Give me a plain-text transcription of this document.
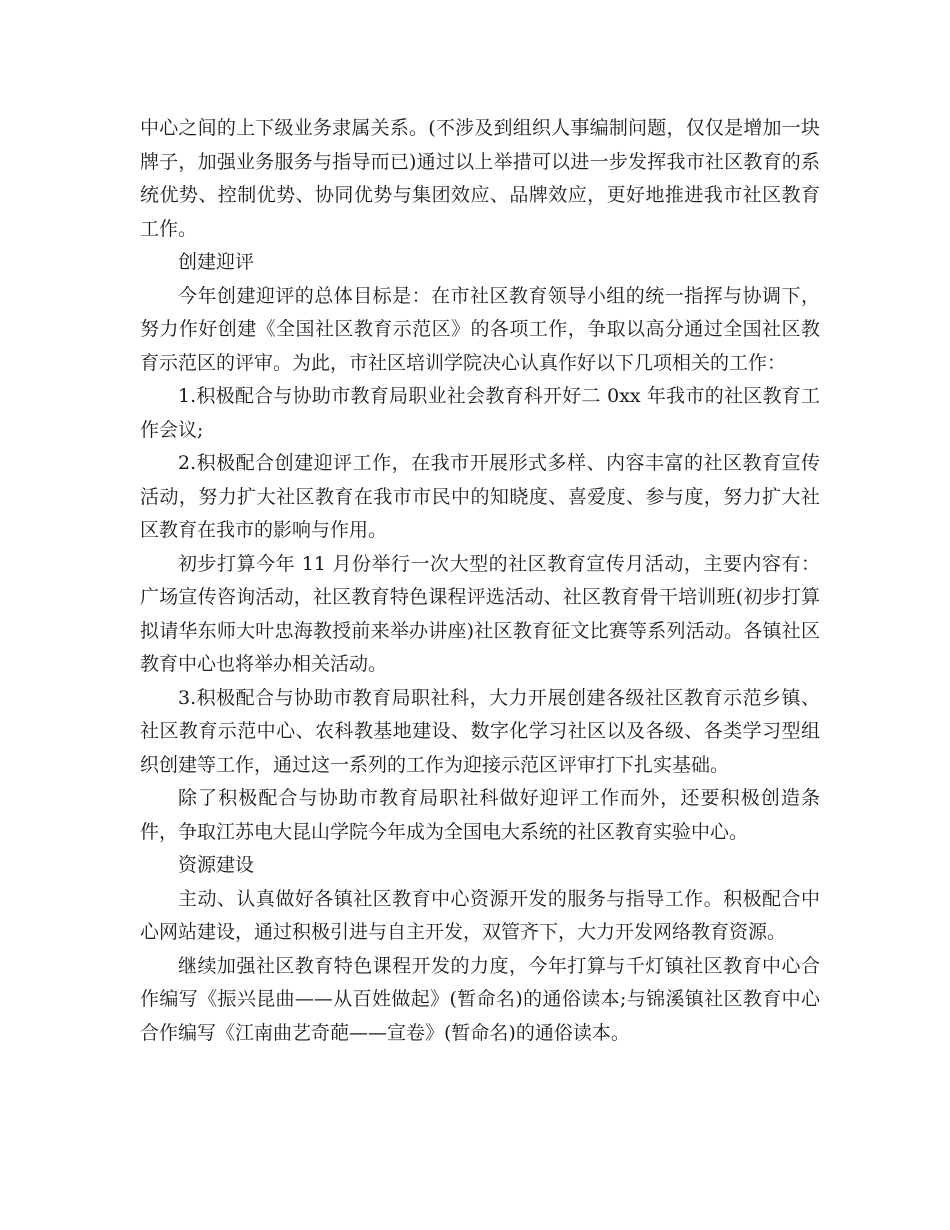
中心之间的上下级业务隶属关系。(不涉及到组织人事编制问题，仅仅是增加一块牌子，加强业务服务与指导而已)通过以上举措可以进一步发挥我市社区教育的系统优势、控制优势、协同优势与集团效应、品牌效应，更好地推进我市社区教育工作。

创建迎评

今年创建迎评的总体目标是：在市社区教育领导小组的统一指挥与协调下，努力作好创建《全国社区教育示范区》的各项工作，争取以高分通过全国社区教育示范区的评审。为此，市社区培训学院决心认真作好以下几项相关的工作：

1.积极配合与协助市教育局职业社会教育科开好二 0xx 年我市的社区教育工作会议;

2.积极配合创建迎评工作，在我市开展形式多样、内容丰富的社区教育宣传活动，努力扩大社区教育在我市市民中的知晓度、喜爱度、参与度，努力扩大社区教育在我市的影响与作用。

初步打算今年 11 月份举行一次大型的社区教育宣传月活动，主要内容有：广场宣传咨询活动，社区教育特色课程评选活动、社区教育骨干培训班(初步打算拟请华东师大叶忠海教授前来举办讲座)社区教育征文比赛等系列活动。各镇社区教育中心也将举办相关活动。

3.积极配合与协助市教育局职社科，大力开展创建各级社区教育示范乡镇、社区教育示范中心、农科教基地建设、数字化学习社区以及各级、各类学习型组织创建等工作，通过这一系列的工作为迎接示范区评审打下扎实基础。

除了积极配合与协助市教育局职社科做好迎评工作而外，还要积极创造条件，争取江苏电大昆山学院今年成为全国电大系统的社区教育实验中心。

资源建设

主动、认真做好各镇社区教育中心资源开发的服务与指导工作。积极配合中心网站建设，通过积极引进与自主开发，双管齐下，大力开发网络教育资源。

继续加强社区教育特色课程开发的力度，今年打算与千灯镇社区教育中心合作编写《振兴昆曲——从百姓做起》(暂命名)的通俗读本;与锦溪镇社区教育中心合作编写《江南曲艺奇葩——宣卷》(暂命名)的通俗读本。
